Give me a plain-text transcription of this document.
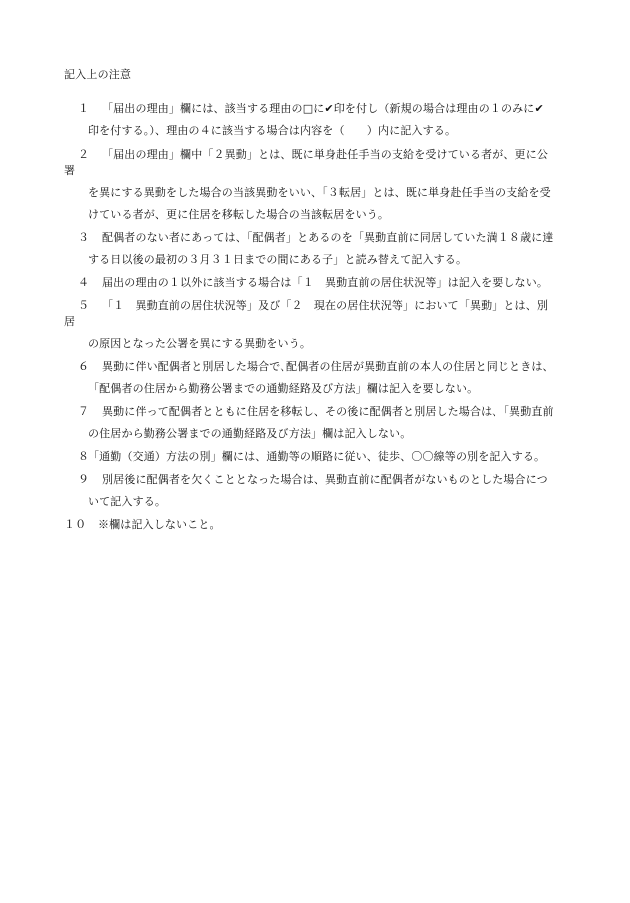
記入上の注意
１ 「届出の理由」欄には、該当する理由の□に✔印を付し（新規の場合は理由の１のみに✔
印を付する。）、理由の４に該当する場合は内容を（　　）内に記入する。
２ 「届出の理由」欄中「２異動」とは、既に単身赴任手当の支給を受けている者が、更に公
署
を異にする異動をした場合の当該異動をいい、「３転居」とは、既に単身赴任手当の支給を受
けている者が、更に住居を移転した場合の当該転居をいう。
３ 配偶者のない者にあっては、「配偶者」とあるのを「異動直前に同居していた満１８歳に達
する日以後の最初の３月３１日までの間にある子」と読み替えて記入する。
４ 届出の理由の１以外に該当する場合は「１　異動直前の居住状況等」は記入を要しない。
５ 「１　異動直前の居住状況等」及び「２　現在の居住状況等」において「異動」とは、別
居
の原因となった公署を異にする異動をいう。
６ 異動に伴い配偶者と別居した場合で､配偶者の住居が異動直前の本人の住居と同じときは、
「配偶者の住居から勤務公署までの通勤経路及び方法」欄は記入を要しない。
７ 異動に伴って配偶者とともに住居を移転し、その後に配偶者と別居した場合は､「異動直前
の住居から勤務公署までの通勤経路及び方法」欄は記入しない。
８「通勤（交通）方法の別」欄には、通勤等の順路に従い、徒歩、〇〇線等の別を記入する。
９ 別居後に配偶者を欠くこととなった場合は、異動直前に配偶者がないものとした場合につ
いて記入する。
１０ ※欄は記入しないこと。
